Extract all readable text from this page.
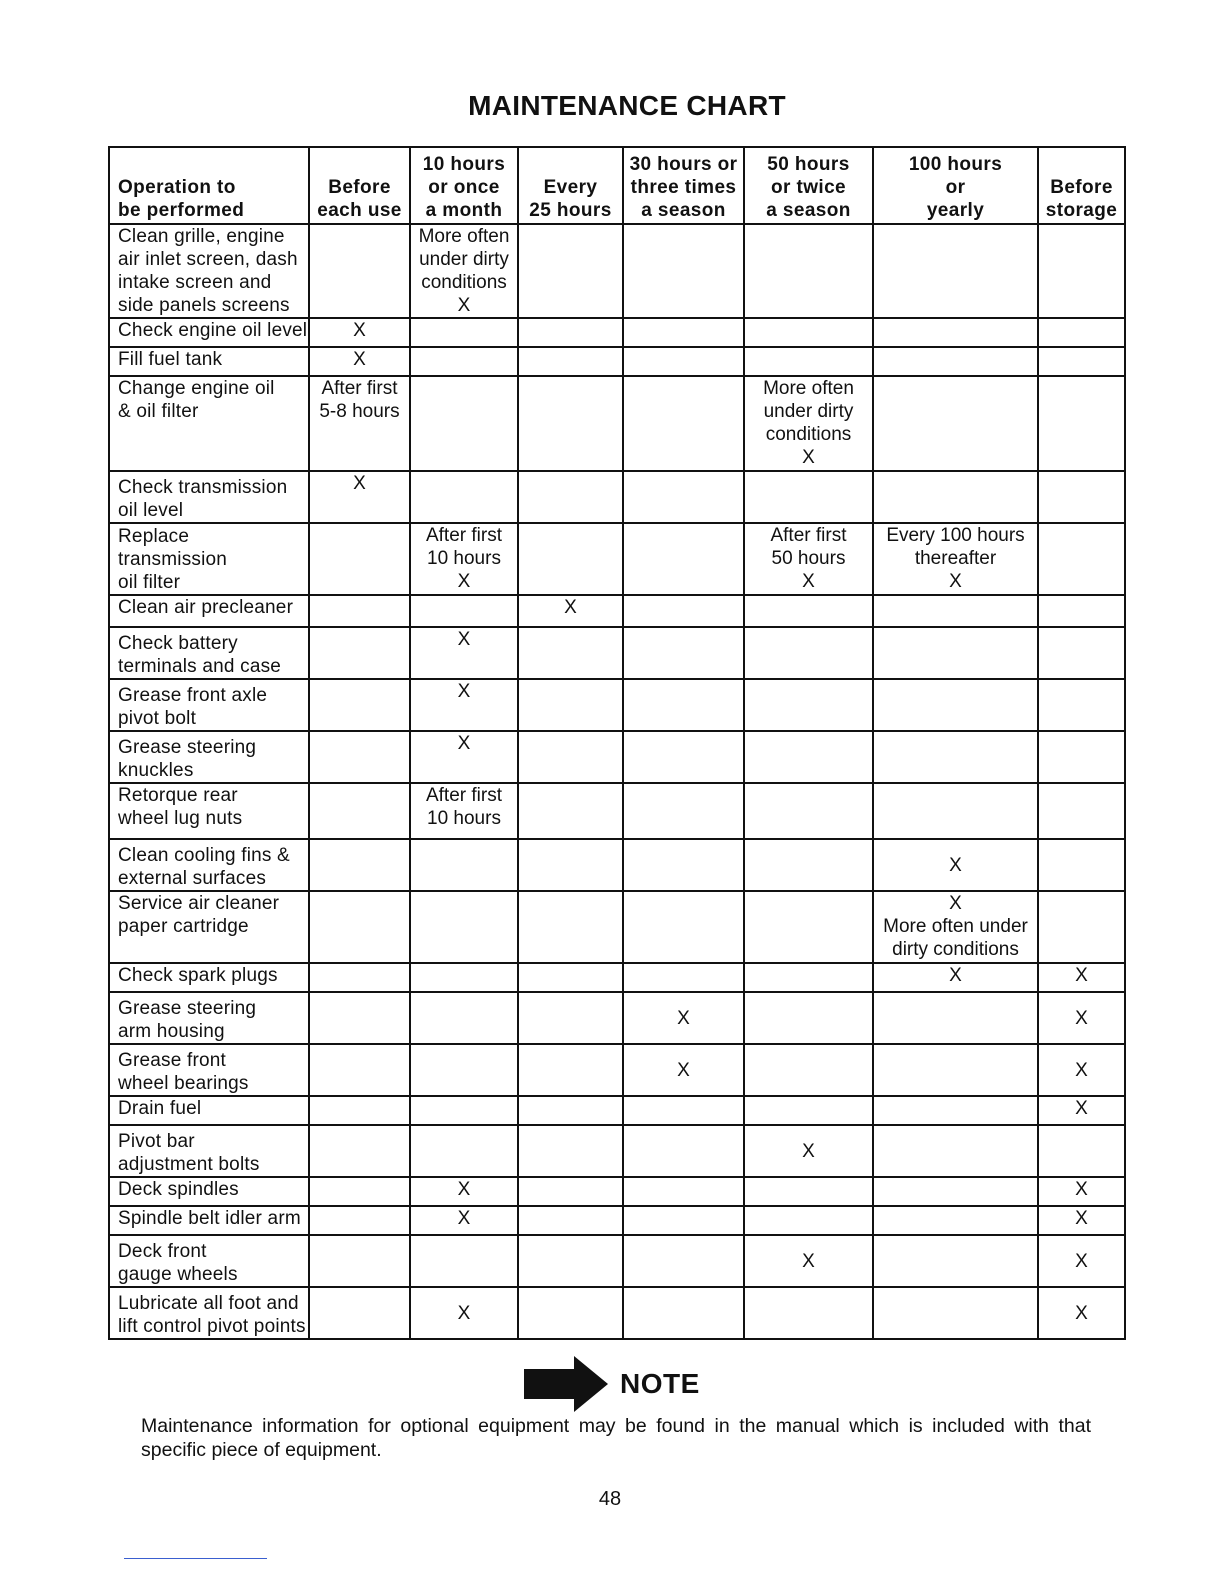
MAINTENANCE CHART
Operation to
be performed	Before
each use	10 hours
or once
a month	Every
25 hours	30 hours or
three times
a season	50 hours
or twice
a season	100 hours
or
yearly	Before
storage
Clean grille, engine
air inlet screen, dash
intake screen and
side panels screens		More often
under dirty
conditions
X					
Check engine oil level	X						
Fill fuel tank	X						
Change engine oil
& oil filter	After first
5-8 hours				More often
under dirty
conditions
X		
Check transmission
oil level	X						
Replace
transmission
oil filter		After first
10 hours
X			After first
50 hours
X	Every 100 hours
thereafter
X	
Clean air precleaner			X				
Check battery
terminals and case		X					
Grease front axle
pivot bolt		X					
Grease steering
knuckles		X					
Retorque rear
wheel lug nuts		After first
10 hours					
Clean cooling fins &
external surfaces						X	
Service air cleaner
paper cartridge						X
More often under
dirty conditions	
Check spark plugs						X	X
Grease steering
arm housing				X			X
Grease front
wheel bearings				X			X
Drain fuel							X
Pivot bar
adjustment bolts					X		
Deck spindles		X					X
Spindle belt idler arm		X					X
Deck front
gauge wheels					X		X
Lubricate all foot and
lift control pivot points		X					X
NOTE
Maintenance information for optional equipment may be found in the manual which is included with that specific piece of equipment.
48
